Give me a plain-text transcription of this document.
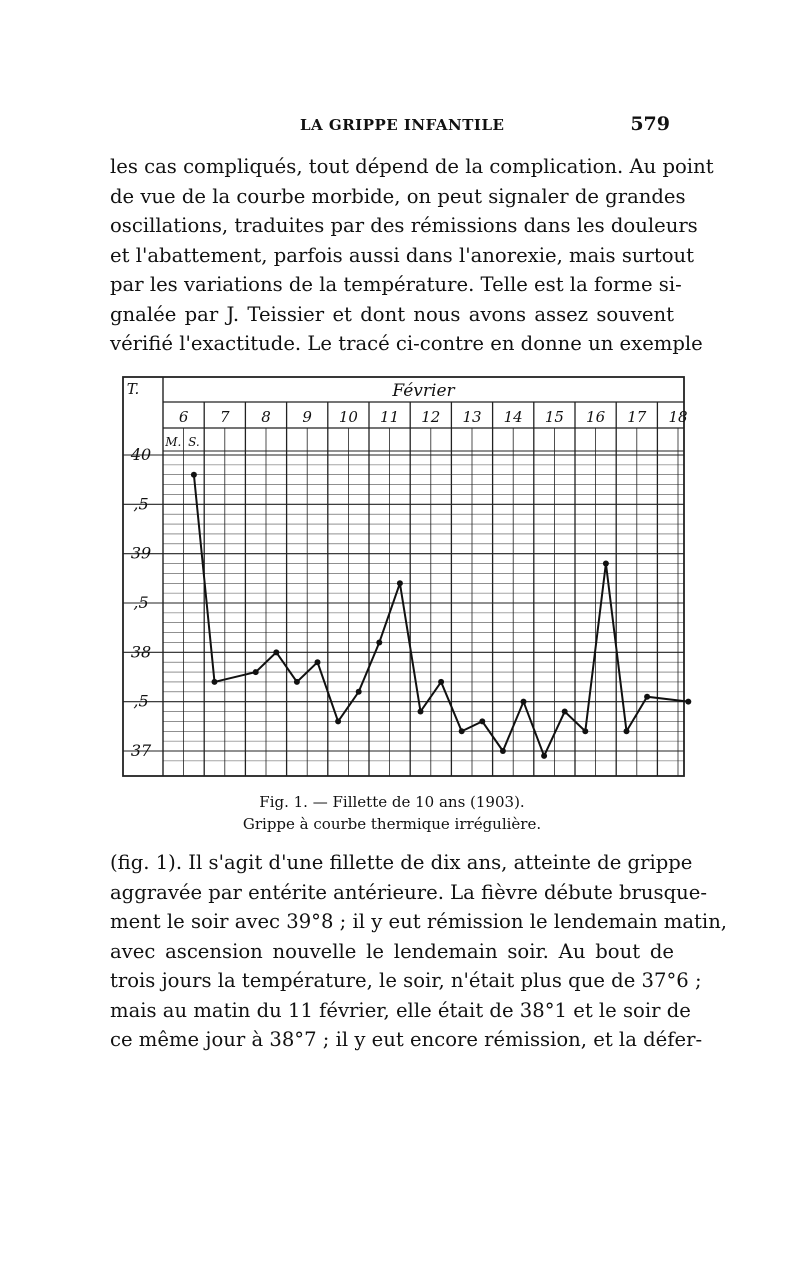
LA GRIPPE INFANTILE	579
les cas compliqués, tout dépend de la complication. Au point
de vue de la courbe morbide, on peut signaler de grandes
oscillations, traduites par des rémissions dans les douleurs
et l'abattement, parfois aussi dans l'anorexie, mais surtout
par les variations de la température. Telle est la forme si-
gnalée par J. Teissier et dont nous avons assez souvent
vérifié l'exactitude. Le tracé ci-contre en donne un exemple
Février
T.
6 7 8 9 10 11 12 13 14 15 16 17 18
M. S.
40
,5
39
,5
38
,5
37
Fig. 1. — Fillette de 10 ans (1903).
Grippe à courbe thermique irrégulière.
(fig. 1). Il s'agit d'une fillette de dix ans, atteinte de grippe
aggravée par entérite antérieure. La fièvre débute brusque-
ment le soir avec 39°8 ; il y eut rémission le lendemain matin,
avec ascension nouvelle le lendemain soir. Au bout de
trois jours la température, le soir, n'était plus que de 37°6 ;
mais au matin du 11 février, elle était de 38°1 et le soir de
ce même jour à 38°7 ; il y eut encore rémission, et la défer-
